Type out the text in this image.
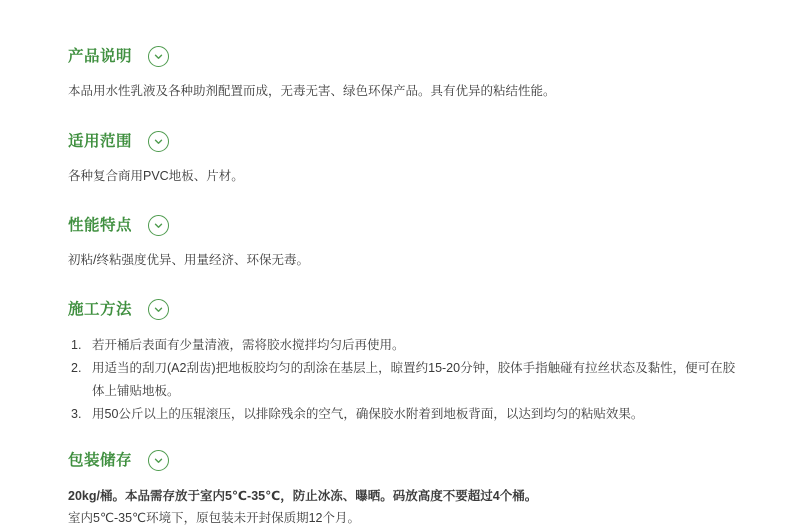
产品说明

本品用水性乳液及各种助剂配置而成，无毒无害、绿色环保产品。具有优异的粘结性能。

适用范围

各种复合商用PVC地板、片材。

性能特点

初粘/终粘强度优异、用量经济、环保无毒。

施工方法
1. 若开桶后表面有少量清液，需将胶水搅拌均匀后再使用。
2. 用适当的刮刀(A2刮齿)把地板胶均匀的刮涂在基层上，晾置约15-20分钟，胶体手指触碰有拉丝状态及黏性，便可在胶体上铺贴地板。
3. 用50公斤以上的压辊滚压，以排除残余的空气，确保胶水附着到地板背面，以达到均匀的粘贴效果。
包装储存

20kg/桶。本品需存放于室内5℃-35℃，防止冰冻、曝晒。码放高度不要超过4个桶。

室内5℃-35℃环境下，原包装未开封保质期12个月。
